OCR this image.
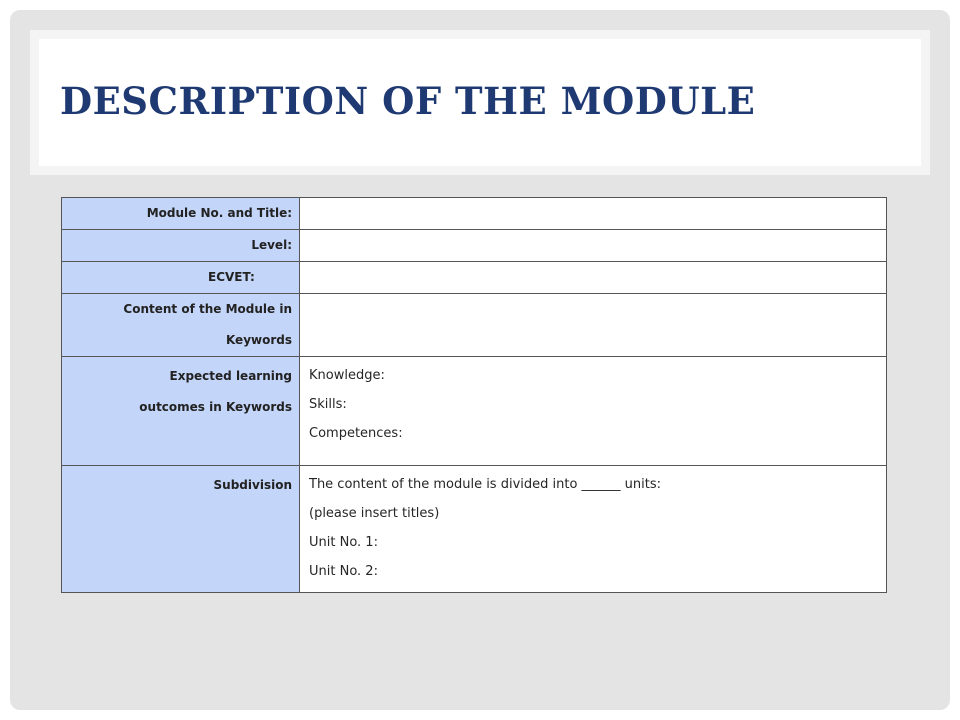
DESCRIPTION OF THE MODULE
Module No. and Title:	

Level:	

ECVET:	

Content of the Module in
Keywords	

Expected learning
outcomes in Keywords	Knowledge:
Skills:
Competences:

Subdivision	The content of the module is divided into ______ units:
(please insert titles)
Unit No. 1:
Unit No. 2:
